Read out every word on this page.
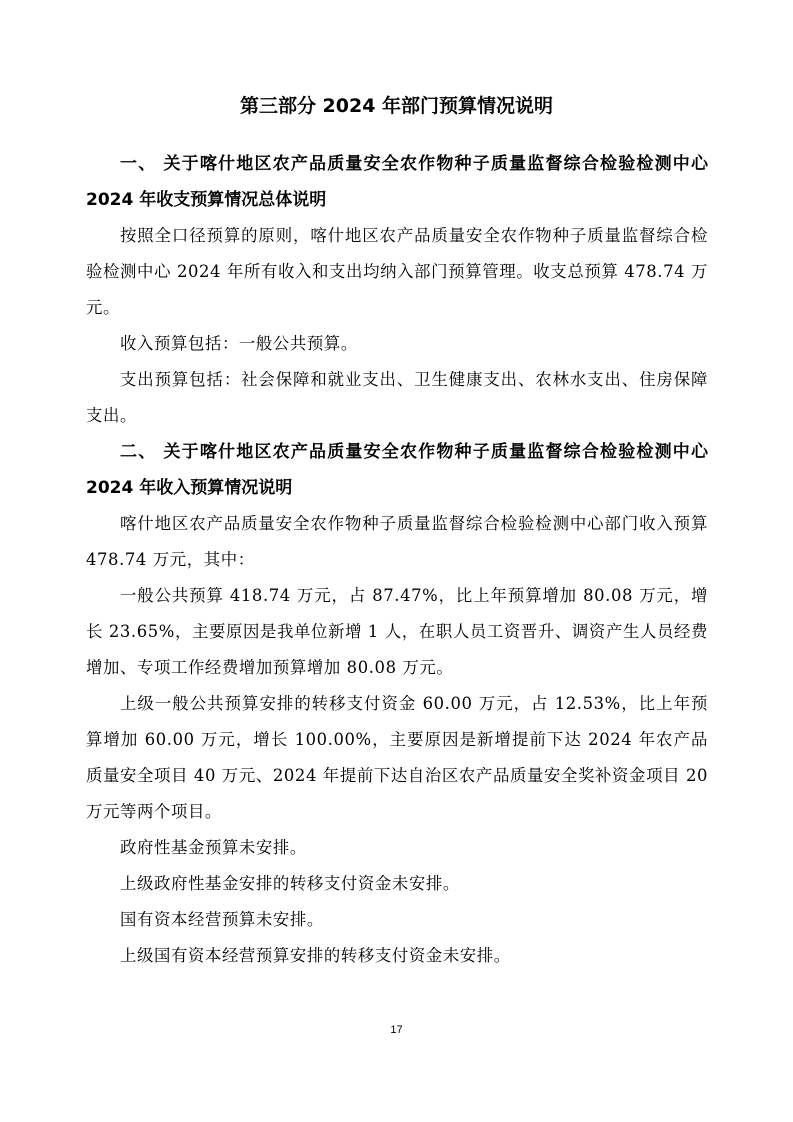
第三部分 2024 年部门预算情况说明

一、 关于喀什地区农产品质量安全农作物种子质量监督综合检验检测中心 2024 年收支预算情况总体说明

按照全口径预算的原则，喀什地区农产品质量安全农作物种子质量监督综合检验检测中心 2024 年所有收入和支出均纳入部门预算管理。收支总预算 478.74 万元。

收入预算包括：一般公共预算。

支出预算包括：社会保障和就业支出、卫生健康支出、农林水支出、住房保障支出。

二、 关于喀什地区农产品质量安全农作物种子质量监督综合检验检测中心 2024 年收入预算情况说明

喀什地区农产品质量安全农作物种子质量监督综合检验检测中心部门收入预算 478.74 万元，其中：

一般公共预算 418.74 万元，占 87.47%，比上年预算增加 80.08 万元，增长 23.65%，主要原因是我单位新增 1 人，在职人员工资晋升、调资产生人员经费增加、专项工作经费增加预算增加 80.08 万元。

上级一般公共预算安排的转移支付资金 60.00 万元，占 12.53%，比上年预算增加 60.00 万元，增长 100.00%，主要原因是新增提前下达 2024 年农产品质量安全项目 40 万元、2024 年提前下达自治区农产品质量安全奖补资金项目 20 万元等两个项目。

政府性基金预算未安排。

上级政府性基金安排的转移支付资金未安排。

国有资本经营预算未安排。

上级国有资本经营预算安排的转移支付资金未安排。

17
